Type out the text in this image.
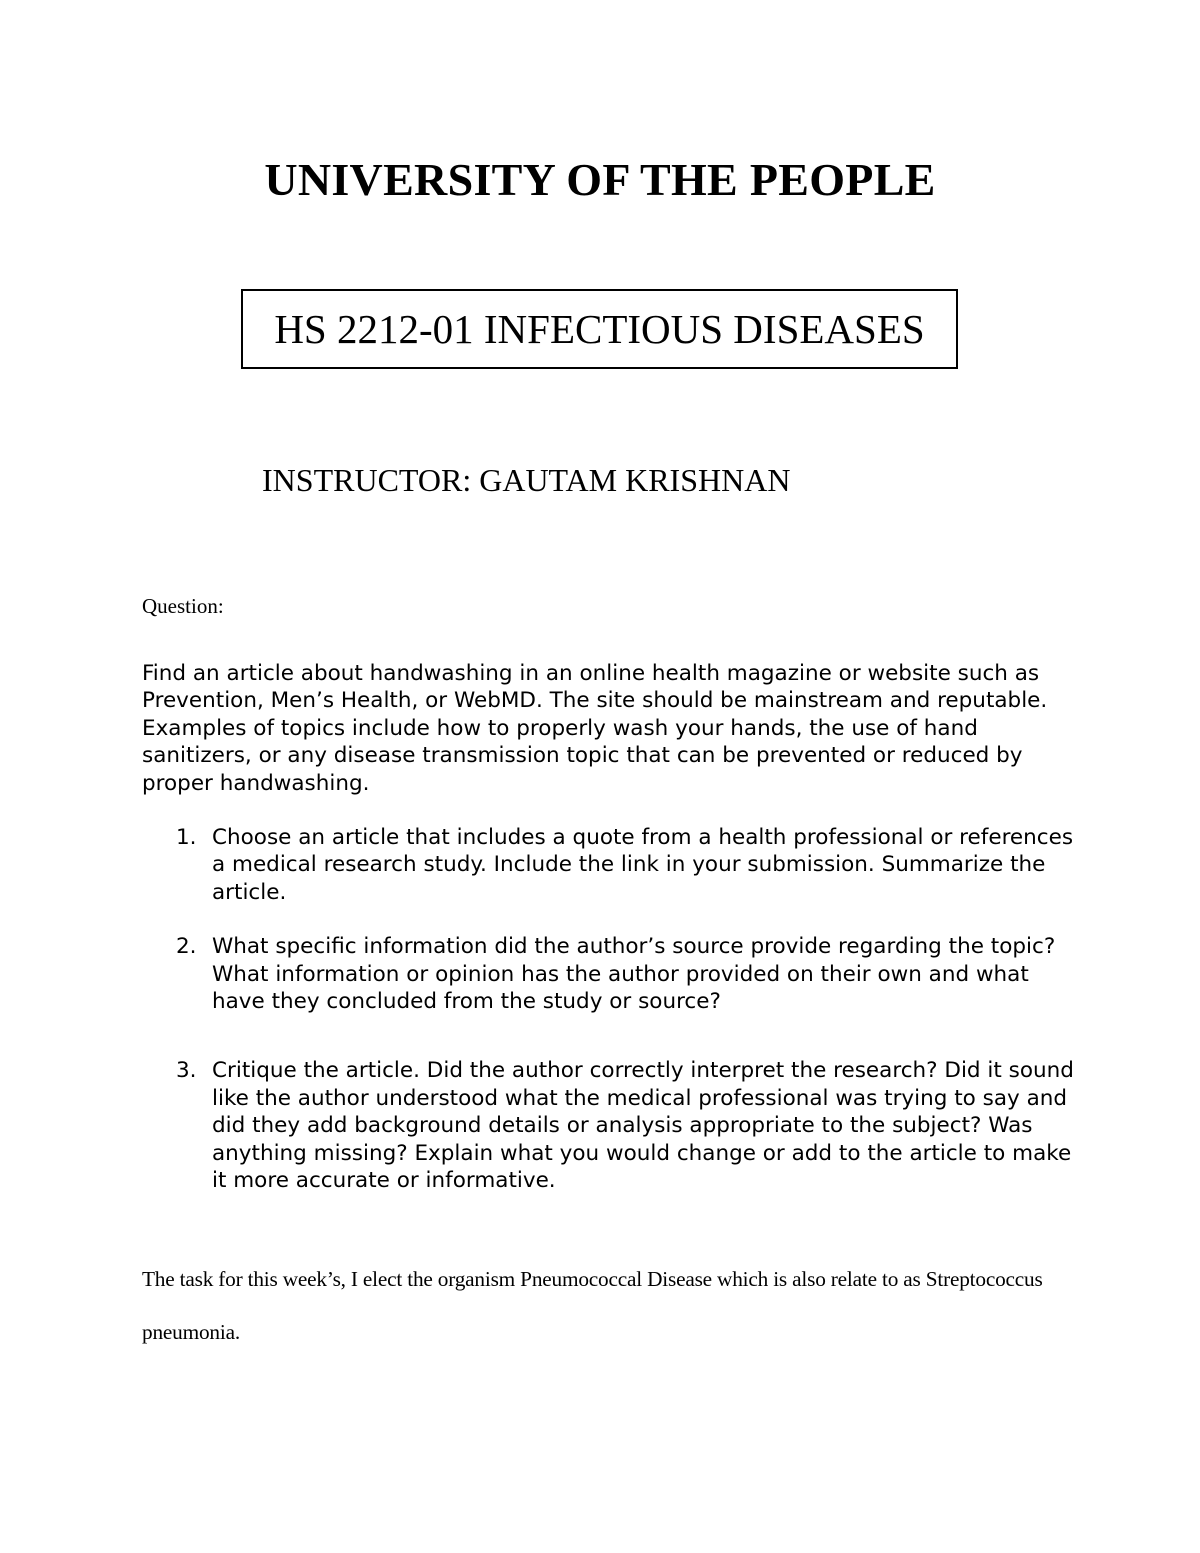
UNIVERSITY OF THE PEOPLE
HS 2212-01 INFECTIOUS DISEASES
INSTRUCTOR: GAUTAM KRISHNAN
Question:

Find an article about handwashing in an online health magazine or website such as Prevention, Men’s Health, or WebMD. The site should be mainstream and reputable. Examples of topics include how to properly wash your hands, the use of hand sanitizers, or any disease transmission topic that can be prevented or reduced by proper handwashing.

1. Choose an article that includes a quote from a health professional or references a medical research study. Include the link in your submission. Summarize the article.
2. What specific information did the author’s source provide regarding the topic? What information or opinion has the author provided on their own and what have they concluded from the study or source?
3. Critique the article. Did the author correctly interpret the research? Did it sound like the author understood what the medical professional was trying to say and did they add background details or analysis appropriate to the subject? Was anything missing? Explain what you would change or add to the article to make it more accurate or informative.

The task for this week’s, I elect the organism Pneumococcal Disease which is also relate to as Streptococcus pneumonia.
